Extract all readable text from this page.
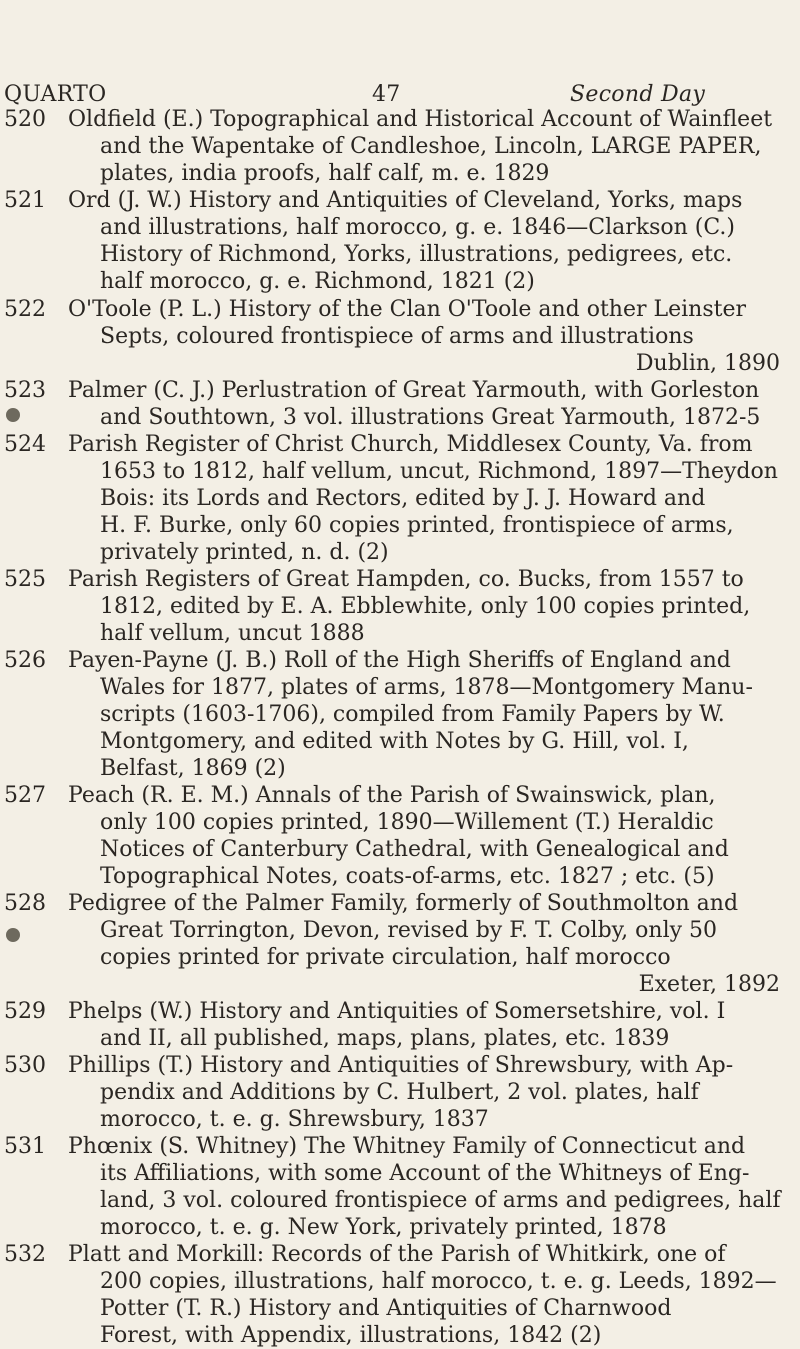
QUARTO	47	Second Day
520	Oldfield (E.) Topographical and Historical Account of Wainfleet
and the Wapentake of Candleshoe, Lincoln, LARGE PAPER,
plates, india proofs, half calf, m. e. 1829
521	Ord (J. W.) History and Antiquities of Cleveland, Yorks, maps
and illustrations, half morocco, g. e. 1846—Clarkson (C.)
History of Richmond, Yorks, illustrations, pedigrees, etc.
half morocco, g. e. Richmond, 1821 (2)
522	O'Toole (P. L.) History of the Clan O'Toole and other Leinster
Septs, coloured frontispiece of arms and illustrations
Dublin, 1890
523	Palmer (C. J.) Perlustration of Great Yarmouth, with Gorleston
and Southtown, 3 vol. illustrations Great Yarmouth, 1872-5
524	Parish Register of Christ Church, Middlesex County, Va. from
1653 to 1812, half vellum, uncut, Richmond, 1897—Theydon
Bois: its Lords and Rectors, edited by J. J. Howard and
H. F. Burke, only 60 copies printed, frontispiece of arms,
privately printed, n. d. (2)
525	Parish Registers of Great Hampden, co. Bucks, from 1557 to
1812, edited by E. A. Ebblewhite, only 100 copies printed,
half vellum, uncut 1888
526	Payen-Payne (J. B.) Roll of the High Sheriffs of England and
Wales for 1877, plates of arms, 1878—Montgomery Manu-
scripts (1603-1706), compiled from Family Papers by W.
Montgomery, and edited with Notes by G. Hill, vol. I,
Belfast, 1869 (2)
527	Peach (R. E. M.) Annals of the Parish of Swainswick, plan,
only 100 copies printed, 1890—Willement (T.) Heraldic
Notices of Canterbury Cathedral, with Genealogical and
Topographical Notes, coats-of-arms, etc. 1827 ; etc. (5)
528	Pedigree of the Palmer Family, formerly of Southmolton and
Great Torrington, Devon, revised by F. T. Colby, only 50
copies printed for private circulation, half morocco
Exeter, 1892
529	Phelps (W.) History and Antiquities of Somersetshire, vol. I
and II, all published, maps, plans, plates, etc. 1839
530	Phillips (T.) History and Antiquities of Shrewsbury, with Ap-
pendix and Additions by C. Hulbert, 2 vol. plates, half
morocco, t. e. g. Shrewsbury, 1837
531	Phœnix (S. Whitney) The Whitney Family of Connecticut and
its Affiliations, with some Account of the Whitneys of Eng-
land, 3 vol. coloured frontispiece of arms and pedigrees, half
morocco, t. e. g. New York, privately printed, 1878
532	Platt and Morkill: Records of the Parish of Whitkirk, one of
200 copies, illustrations, half morocco, t. e. g. Leeds, 1892—
Potter (T. R.) History and Antiquities of Charnwood
Forest, with Appendix, illustrations, 1842 (2)
